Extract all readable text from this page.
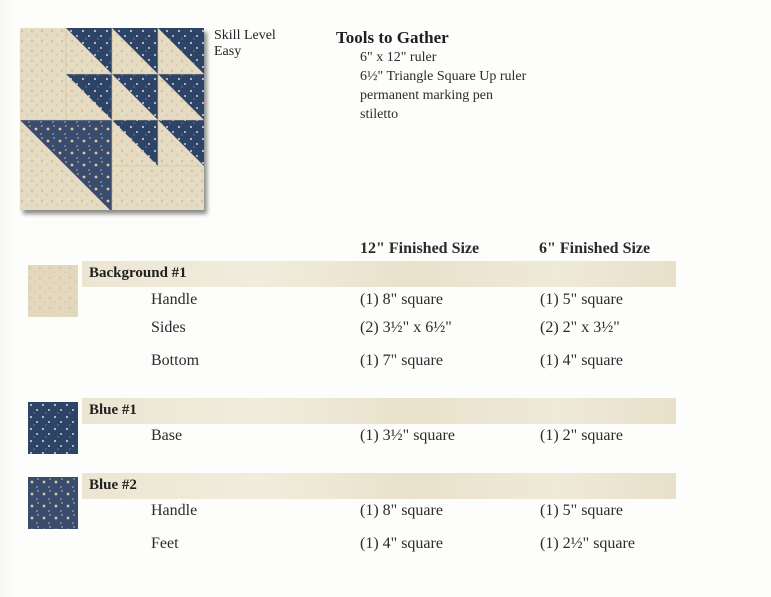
Skill Level
Easy
Tools to Gather
6" x 12" ruler
6½" Triangle Square Up ruler
permanent marking pen
stiletto
12" Finished Size	6" Finished Size
Background #1
Handle	(1) 8" square	(1) 5" square
Sides	(2) 3½" x 6½"	(2) 2" x 3½"
Bottom	(1) 7" square	(1) 4" square
Blue #1
Base	(1) 3½" square	(1) 2" square
Blue #2
Handle	(1) 8" square	(1) 5" square
Feet	(1) 4" square	(1) 2½" square
